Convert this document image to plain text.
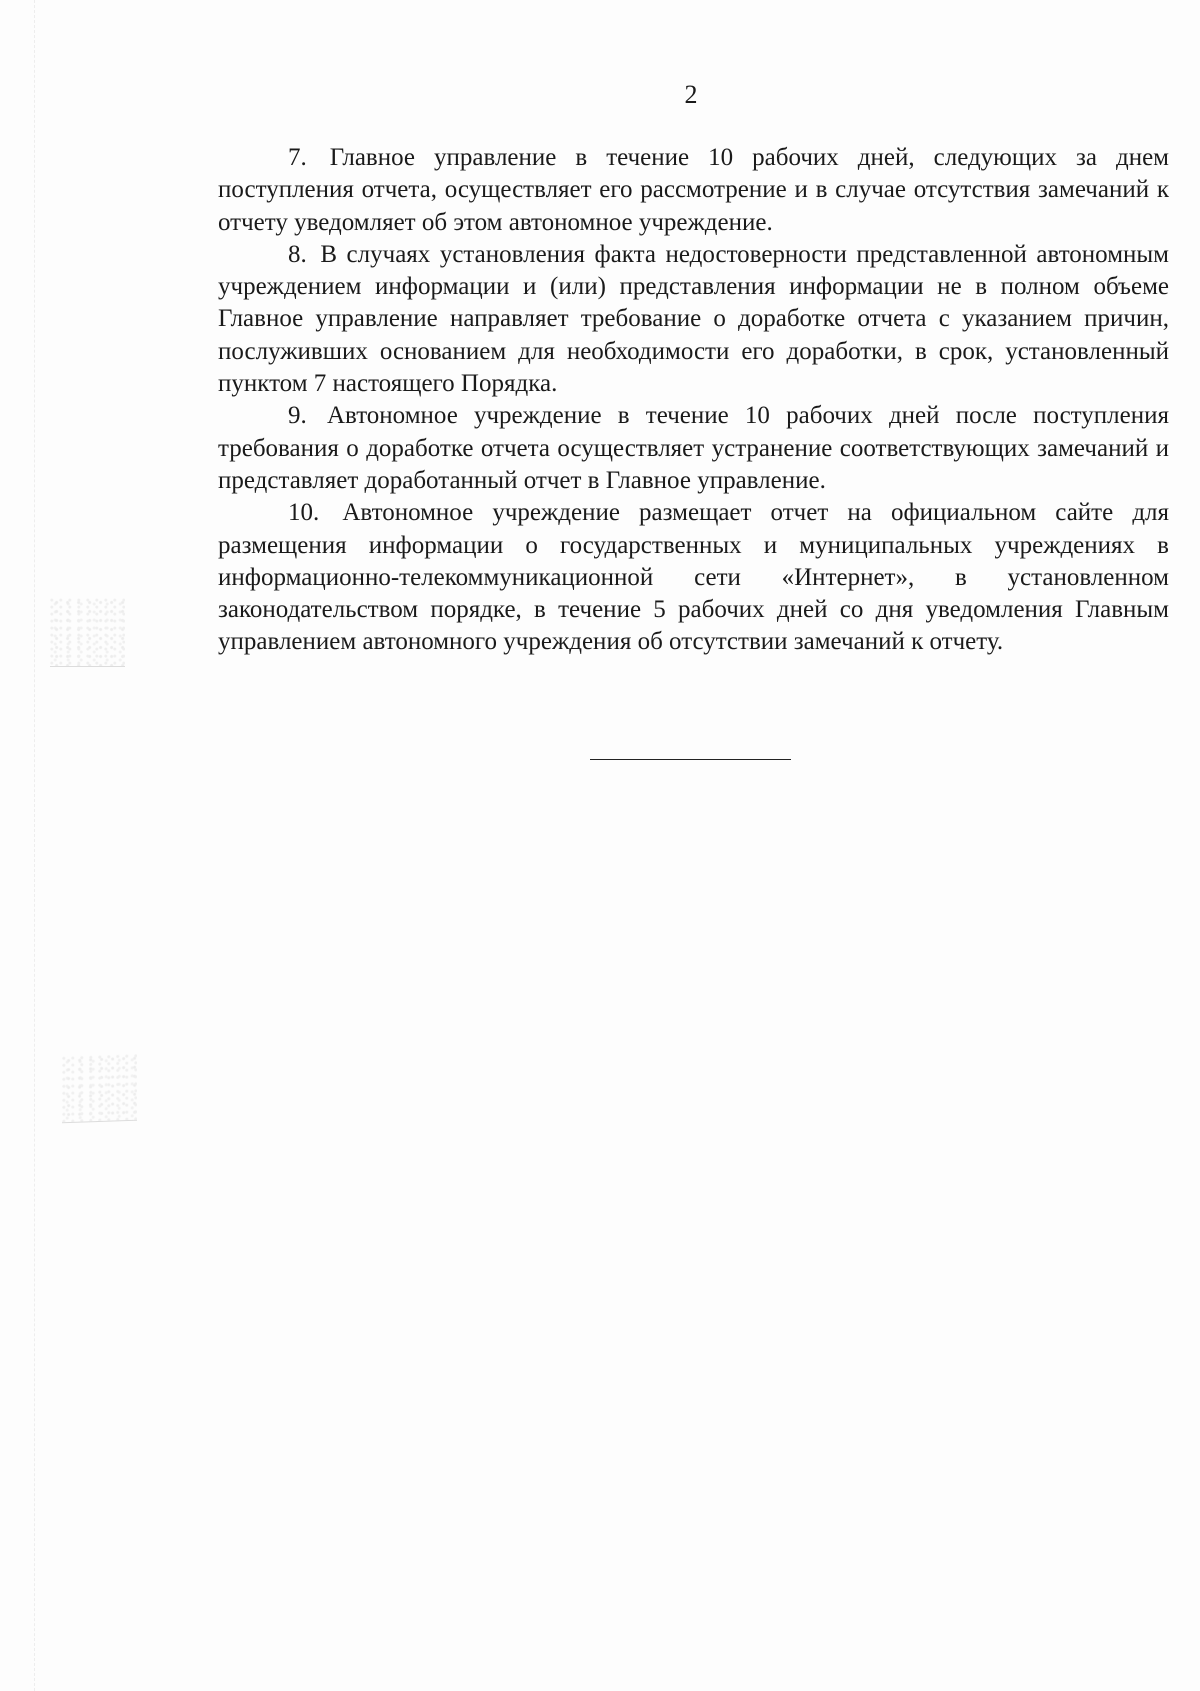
2

7. Главное управление в течение 10 рабочих дней, следующих за днем поступления отчета, осуществляет его рассмотрение и в случае отсутствия замечаний к отчету уведомляет об этом автономное учреждение.

8. В случаях установления факта недостоверности представленной автономным учреждением информации и (или) представления информации не в полном объеме Главное управление направляет требование о доработке отчета с указанием причин, послуживших основанием для необходимости его доработки, в срок, установленный пунктом 7 настоящего Порядка.

9. Автономное учреждение в течение 10 рабочих дней после поступления требования о доработке отчета осуществляет устранение соответствующих замечаний и представляет доработанный отчет в Главное управление.

10. Автономное учреждение размещает отчет на официальном сайте для размещения информации о государственных и муниципальных учреждениях в информационно-телекоммуникационной сети «Интернет», в установленном законодательством порядке, в течение 5 рабочих дней со дня уведомления Главным управлением автономного учреждения об отсутствии замечаний к отчету.
